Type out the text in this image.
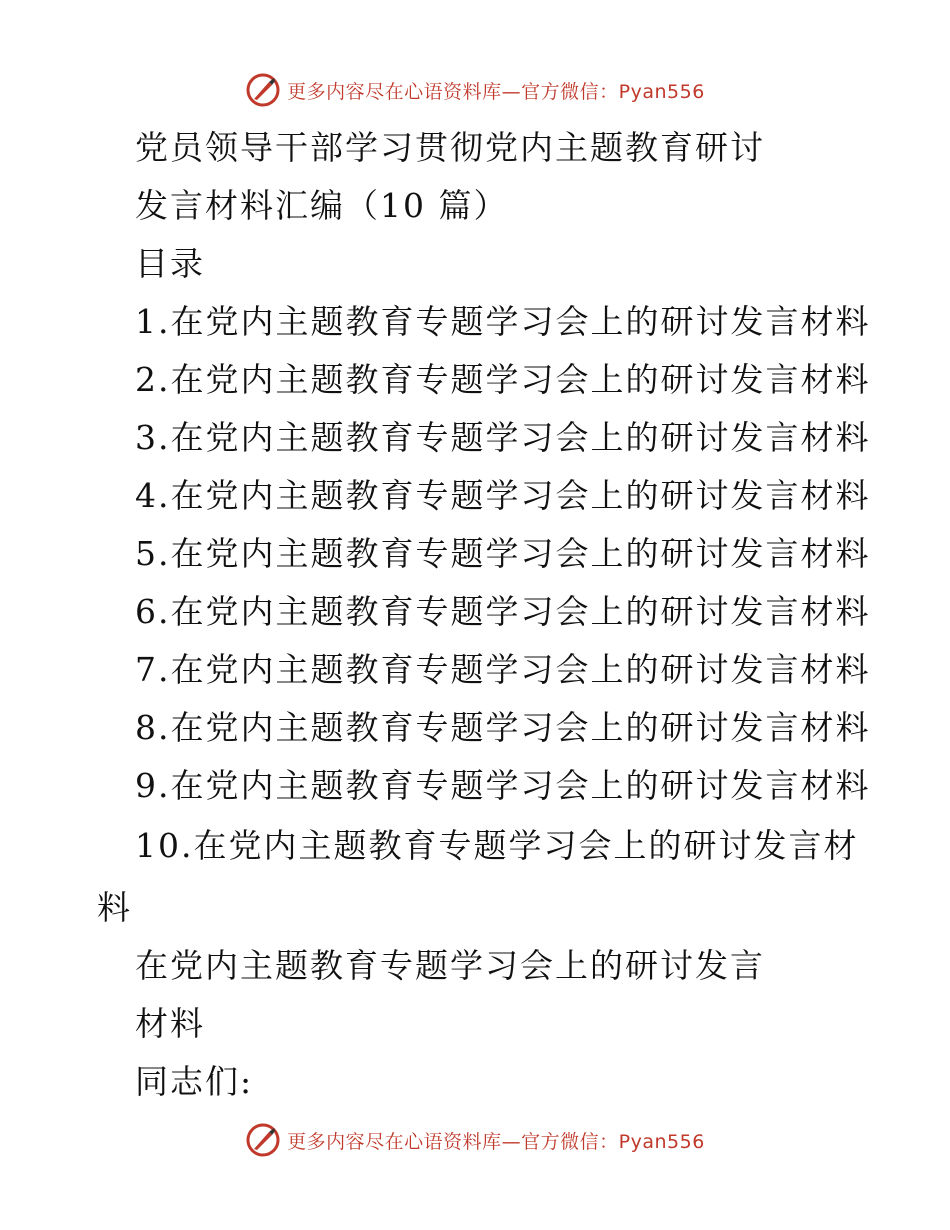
更多内容尽在心语资料库—官方微信：Pyan556
党员领导干部学习贯彻党内主题教育研讨
发言材料汇编（10 篇）
目录
1.在党内主题教育专题学习会上的研讨发言材料
2.在党内主题教育专题学习会上的研讨发言材料
3.在党内主题教育专题学习会上的研讨发言材料
4.在党内主题教育专题学习会上的研讨发言材料
5.在党内主题教育专题学习会上的研讨发言材料
6.在党内主题教育专题学习会上的研讨发言材料
7.在党内主题教育专题学习会上的研讨发言材料
8.在党内主题教育专题学习会上的研讨发言材料
9.在党内主题教育专题学习会上的研讨发言材料
10.在党内主题教育专题学习会上的研讨发言材
料
在党内主题教育专题学习会上的研讨发言
材料
同志们:
更多内容尽在心语资料库—官方微信：Pyan556
